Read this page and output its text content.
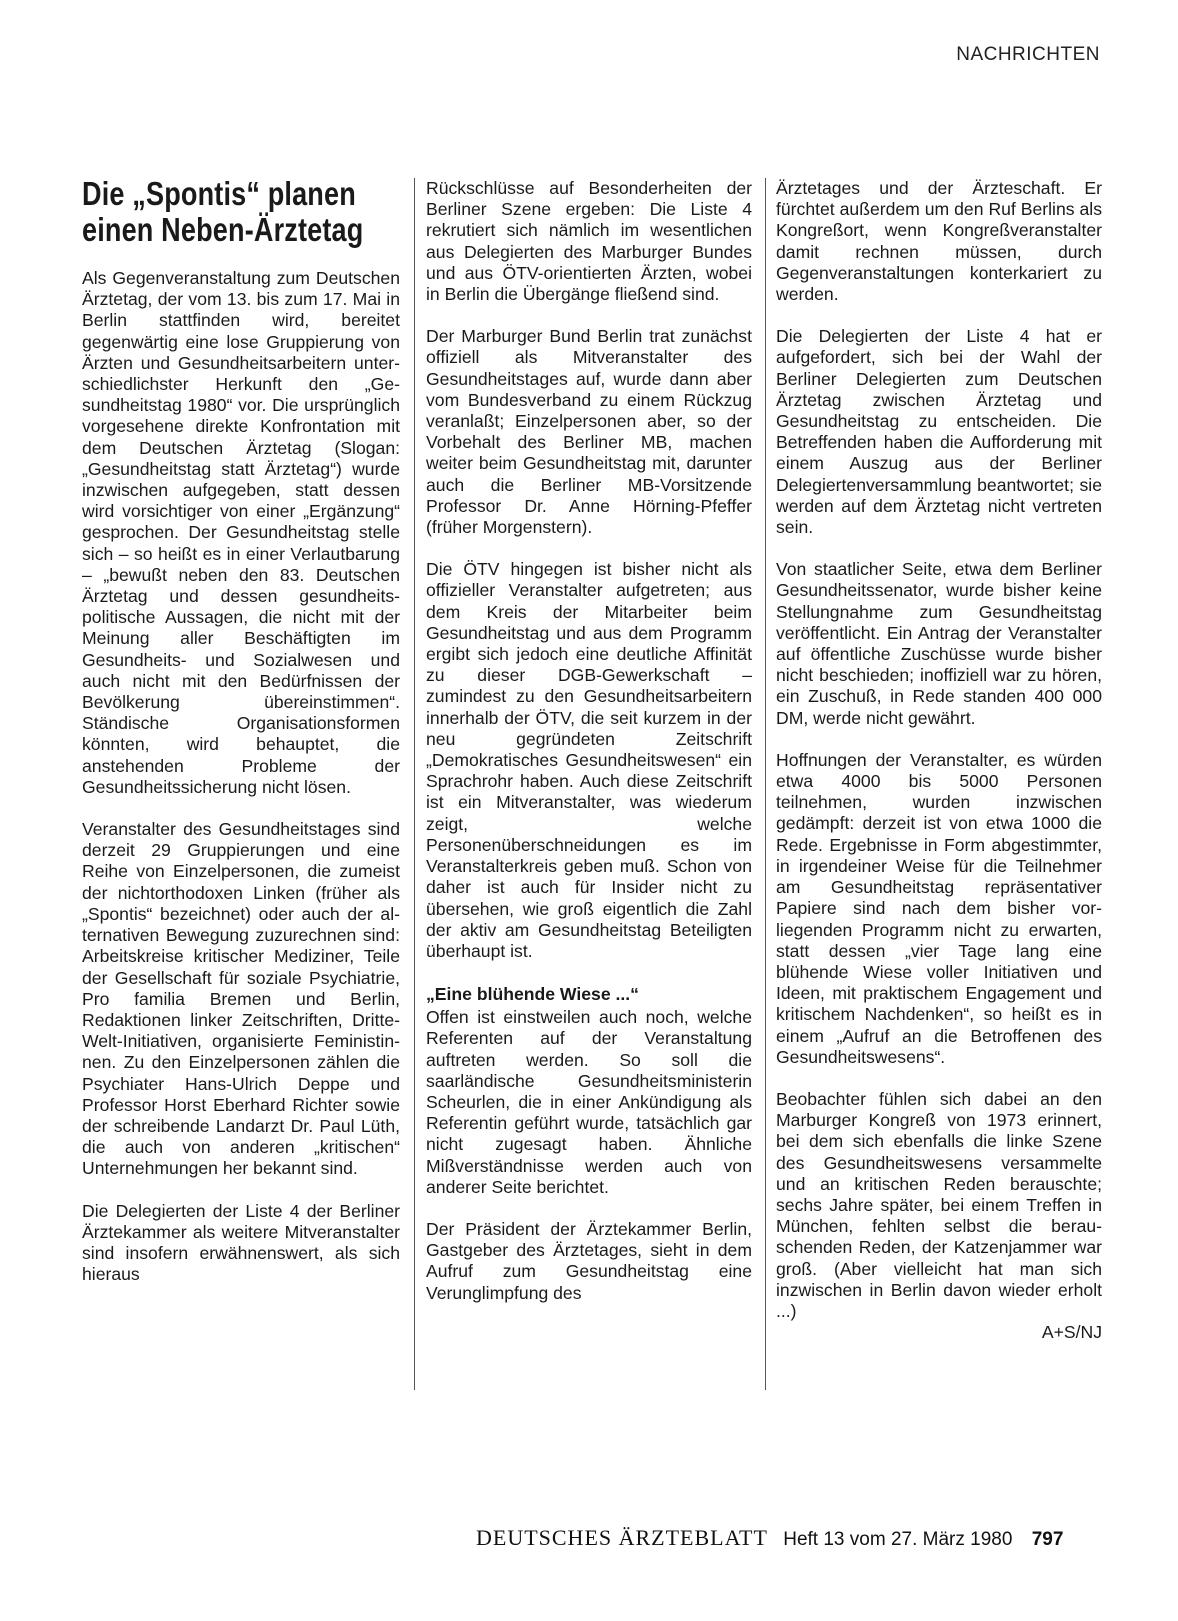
NACHRICHTEN
Die „Spontis“ planen einen Neben-Ärztetag

Als Gegenveranstaltung zum Deutschen Ärztetag, der vom 13. bis zum 17. Mai in Berlin stattfinden wird, bereitet gegenwärtig eine lose Gruppierung von Ärzten und Gesundheitsarbeitern unterschiedlichster Herkunft den „Gesundheitstag 1980“ vor. Die ursprünglich vorgesehene direkte Konfrontation mit dem Deutschen Ärztetag (Slogan: „Gesundheitstag statt Ärztetag“) wurde inzwischen aufgegeben, statt dessen wird vorsichtiger von einer „Ergänzung“ gesprochen. Der Gesundheitstag stelle sich – so heißt es in einer Verlautbarung – „bewußt neben den 83. Deutschen Ärztetag und dessen gesundheitspolitische Aussagen, die nicht mit der Meinung aller Beschäftigten im Gesundheits- und Sozialwesen und auch nicht mit den Bedürfnissen der Bevölkerung übereinstimmen“. Ständische Organisationsformen könnten, wird behauptet, die anstehenden Probleme der Gesundheitssicherung nicht lösen.

Veranstalter des Gesundheitstages sind derzeit 29 Gruppierungen und eine Reihe von Einzelpersonen, die zumeist der nichtorthodoxen Linken (früher als „Spontis“ bezeichnet) oder auch der alternativen Bewegung zuzurechnen sind: Arbeitskreise kritischer Mediziner, Teile der Gesellschaft für soziale Psychiatrie, Pro familia Bremen und Berlin, Redaktionen linker Zeitschriften, Dritte-Welt-Initiativen, organisierte Feministinnen. Zu den Einzelpersonen zählen die Psychiater Hans-Ulrich Deppe und Professor Horst Eberhard Richter sowie der schreibende Landarzt Dr. Paul Lüth, die auch von anderen „kritischen“ Unternehmungen her bekannt sind.

Die Delegierten der Liste 4 der Berliner Ärztekammer als weitere Mitveranstalter sind insofern erwähnenswert, als sich hieraus

Rückschlüsse auf Besonderheiten der Berliner Szene ergeben: Die Liste 4 rekrutiert sich nämlich im wesentlichen aus Delegierten des Marburger Bundes und aus ÖTV-orientierten Ärzten, wobei in Berlin die Übergänge fließend sind.

Der Marburger Bund Berlin trat zunächst offiziell als Mitveranstalter des Gesundheitstages auf, wurde dann aber vom Bundesverband zu einem Rückzug veranlaßt; Einzelpersonen aber, so der Vorbehalt des Berliner MB, machen weiter beim Gesundheitstag mit, darunter auch die Berliner MB-Vorsitzende Professor Dr. Anne Hörning-Pfeffer (früher Morgenstern).

Die ÖTV hingegen ist bisher nicht als offizieller Veranstalter aufgetreten; aus dem Kreis der Mitarbeiter beim Gesundheitstag und aus dem Programm ergibt sich jedoch eine deutliche Affinität zu dieser DGB-Gewerkschaft – zumindest zu den Gesundheitsarbeitern innerhalb der ÖTV, die seit kurzem in der neu gegründeten Zeitschrift „Demokratisches Gesundheitswesen“ ein Sprachrohr haben. Auch diese Zeitschrift ist ein Mitveranstalter, was wiederum zeigt, welche Personenüberschneidungen es im Veranstalterkreis geben muß. Schon von daher ist auch für Insider nicht zu übersehen, wie groß eigentlich die Zahl der aktiv am Gesundheitstag Beteiligten überhaupt ist.

„Eine blühende Wiese ...“

Offen ist einstweilen auch noch, welche Referenten auf der Veranstaltung auftreten werden. So soll die saarländische Gesundheitsministerin Scheurlen, die in einer Ankündigung als Referentin geführt wurde, tatsächlich gar nicht zugesagt haben. Ähnliche Mißverständnisse werden auch von anderer Seite berichtet.

Der Präsident der Ärztekammer Berlin, Gastgeber des Ärztetages, sieht in dem Aufruf zum Gesundheitstag eine Verunglimpfung des

Ärztetages und der Ärzteschaft. Er fürchtet außerdem um den Ruf Berlins als Kongreßort, wenn Kongreßveranstalter damit rechnen müssen, durch Gegenveranstaltungen konterkariert zu werden.

Die Delegierten der Liste 4 hat er aufgefordert, sich bei der Wahl der Berliner Delegierten zum Deutschen Ärztetag zwischen Ärztetag und Gesundheitstag zu entscheiden. Die Betreffenden haben die Aufforderung mit einem Auszug aus der Berliner Delegiertenversammlung beantwortet; sie werden auf dem Ärztetag nicht vertreten sein.

Von staatlicher Seite, etwa dem Berliner Gesundheitssenator, wurde bisher keine Stellungnahme zum Gesundheitstag veröffentlicht. Ein Antrag der Veranstalter auf öffentliche Zuschüsse wurde bisher nicht beschieden; inoffiziell war zu hören, ein Zuschuß, in Rede standen 400 000 DM, werde nicht gewährt.

Hoffnungen der Veranstalter, es würden etwa 4000 bis 5000 Personen teilnehmen, wurden inzwischen gedämpft: derzeit ist von etwa 1000 die Rede. Ergebnisse in Form abgestimmter, in irgendeiner Weise für die Teilnehmer am Gesundheitstag repräsentativer Papiere sind nach dem bisher vorliegenden Programm nicht zu erwarten, statt dessen „vier Tage lang eine blühende Wiese voller Initiativen und Ideen, mit praktischem Engagement und kritischem Nachdenken“, so heißt es in einem „Aufruf an die Betroffenen des Gesundheitswesens“.

Beobachter fühlen sich dabei an den Marburger Kongreß von 1973 erinnert, bei dem sich ebenfalls die linke Szene des Gesundheitswesens versammelte und an kritischen Reden berauschte; sechs Jahre später, bei einem Treffen in München, fehlten selbst die berauschenden Reden, der Katzenjammer war groß. (Aber vielleicht hat man sich inzwischen in Berlin davon wieder erholt ...)

A+S/NJ
DEUTSCHES ÄRZTEBLATT Heft 13 vom 27. März 1980 797
